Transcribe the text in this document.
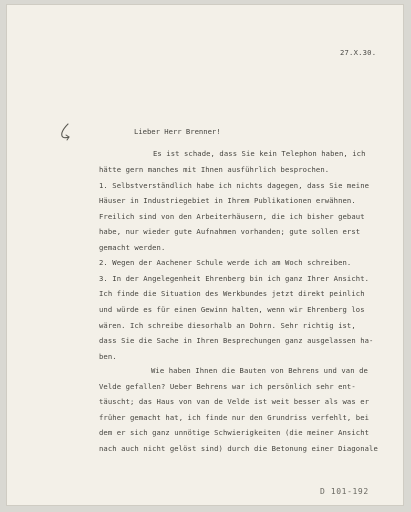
27.X.30.
Lieber Herr Brenner!
Es ist schade, dass Sie kein Telephon haben, ich
hätte gern manches mit Ihnen ausführlich besprochen.
1. Selbstverständlich habe ich nichts dagegen, dass Sie meine
Häuser in Industriegebiet in Ihrem Publikationen erwähnen.
Freilich sind von den Arbeiterhäusern, die ich bisher gebaut
habe, nur wieder gute Aufnahmen vorhanden; gute sollen erst
gemacht werden.
2. Wegen der Aachener Schule werde ich am Woch schreiben.
3. In der Angelegenheit Ehrenberg bin ich ganz Ihrer Ansicht.
Ich finde die Situation des Werkbundes jetzt direkt peinlich
und würde es für einen Gewinn halten, wenn wir Ehrenberg los
wären. Ich schreibe diesorhalb an Dohrn. Sehr richtig ist,
dass Sie die Sache in Ihren Besprechungen ganz ausgelassen ha-
ben.
Wie haben Ihnen die Bauten von Behrens und van de
Velde gefallen? Ueber Behrens war ich persönlich sehr ent-
täuscht; das Haus von van de Velde ist weit besser als was er
früher gemacht hat, ich finde nur den Grundriss verfehlt, bei
dem er sich ganz unnötige Schwierigkeiten (die meiner Ansicht
nach auch nicht gelöst sind) durch die Betonung einer Diagonale
D 101-192
